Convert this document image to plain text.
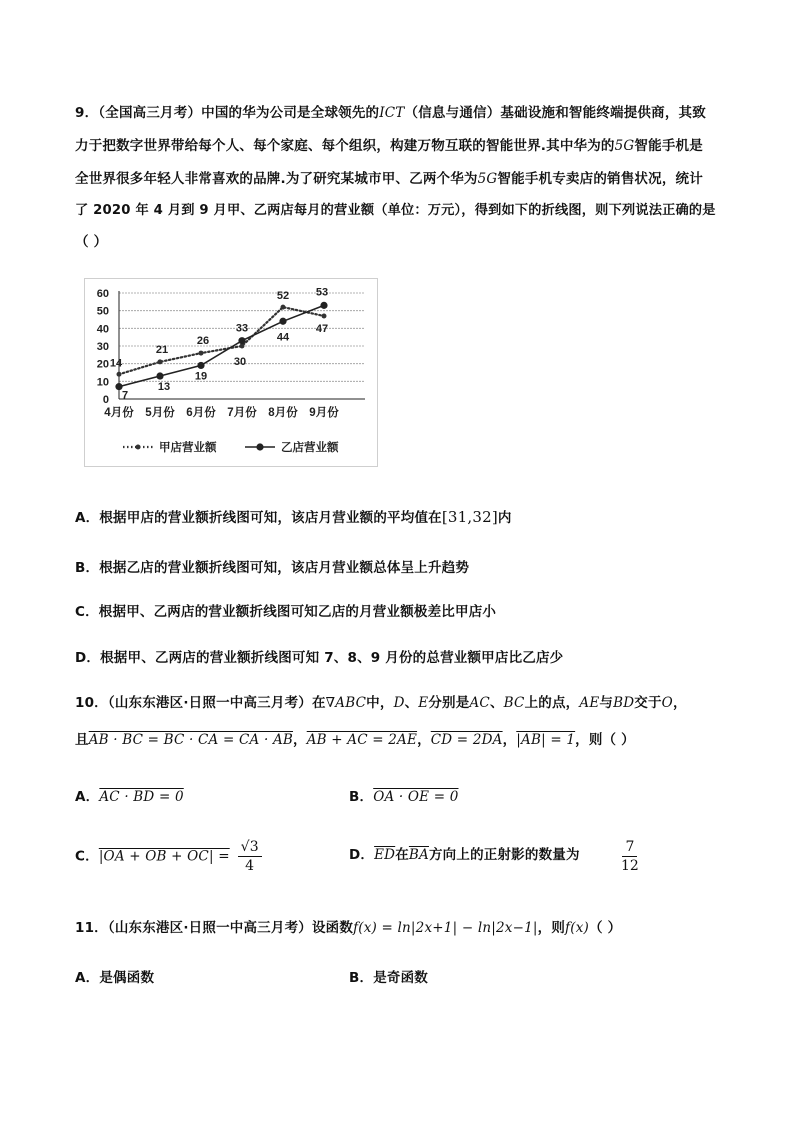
9．（全国高三月考）中国的华为公司是全球领先的ICT（信息与通信）基础设施和智能终端提供商，其致
力于把数字世界带给每个人、每个家庭、每个组织，构建万物互联的智能世界.其中华为的5G智能手机是
全世界很多年轻人非常喜欢的品牌.为了研究某城市甲、乙两个华为5G智能手机专卖店的销售状况，统计
了 2020 年 4 月到 9 月甲、乙两店每月的营业额（单位：万元），得到如下的折线图，则下列说法正确的是
（ ）
0
10
20
30
40
50
60
4月份 5月份 6月份 7月份 8月份 9月份
14
21
26
30
52
47
7
13
19
33
44
53
甲店营业额	乙店营业额
A．根据甲店的营业额折线图可知，该店月营业额的平均值在[31,32]内
B．根据乙店的营业额折线图可知，该店月营业额总体呈上升趋势
C．根据甲、乙两店的营业额折线图可知乙店的月营业额极差比甲店小
D．根据甲、乙两店的营业额折线图可知 7、8、9 月份的总营业额甲店比乙店少
10．（山东东港区·日照一中高三月考）在∇ABC中，D、E分别是AC、BC上的点，AE与BD交于O，
且AB · BC = BC · CA = CA · AB，AB + AC = 2AE，CD = 2DA，|AB| = 1，则（ ）
A．AC · BD = 0	B．OA · OE = 0
C．|OA + OB + $OC| = \frac{√3}{4}$	D．$\overline{ED}$在$\overline{BA}$方向上的正射影的数量为	$\frac{7}{12}$
11．（山东东港区·日照一中高三月考）设函数f(x) = ln|2x+1| − ln|2x−1|，则f(x)（ ）
A．是偶函数	B．是奇函数
